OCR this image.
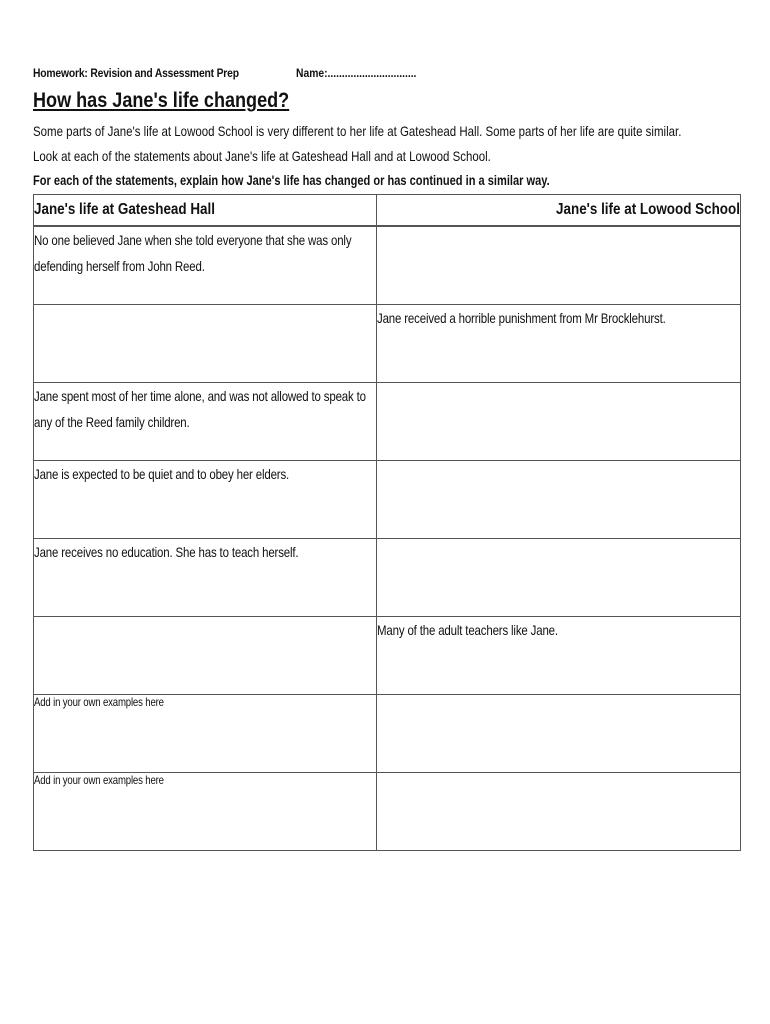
Homework: Revision and Assessment Prep	Name:...............................
How has Jane's life changed?
Some parts of Jane's life at Lowood School is very different to her life at Gateshead Hall. Some parts of her life are quite similar.
Look at each of the statements about Jane's life at Gateshead Hall and at Lowood School.
For each of the statements, explain how Jane's life has changed or has continued in a similar way.
Jane's life at Gateshead Hall	Jane's life at Lowood School

No one believed Jane when she told everyone that she was only defending herself from John Reed.	

	Jane received a horrible punishment from Mr Brocklehurst.

Jane spent most of her time alone, and was not allowed to speak to any of the Reed family children.	

Jane is expected to be quiet and to obey her elders.	

Jane receives no education. She has to teach herself.	

	Many of the adult teachers like Jane.

Add in your own examples here	

Add in your own examples here	
